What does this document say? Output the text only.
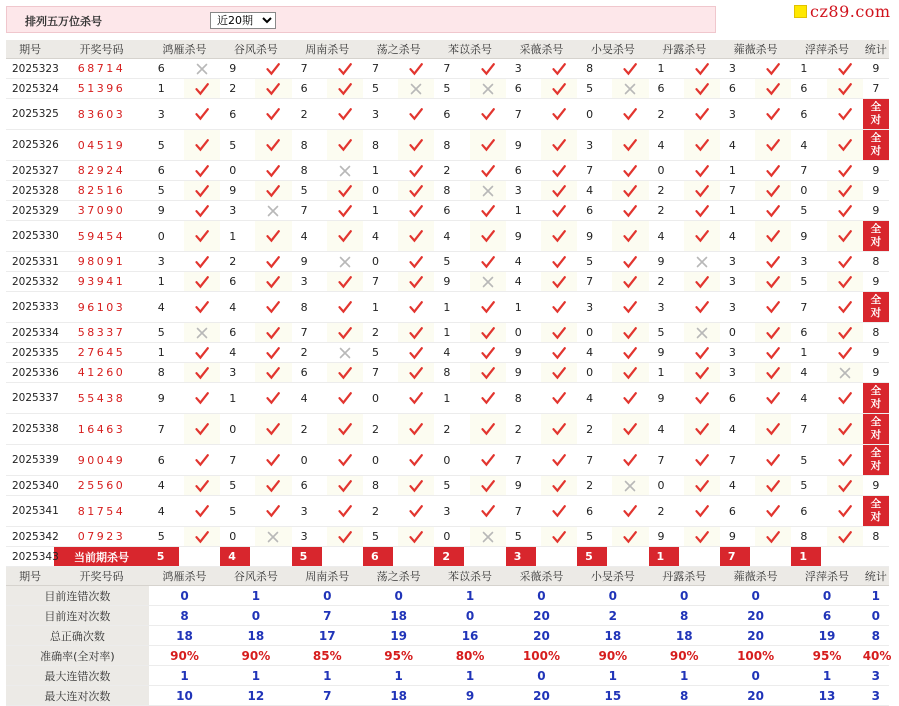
排列五万位杀号
近20期
cz89.com
期号	开奖号码	鸿雁杀号		谷风杀号		周南杀号		荡之杀号		苯苡杀号		采薇杀号		小旻杀号		丹露杀号		蕹薇杀号		浮萍杀号		统计
2025323	68714	6		9		7		7		7		3		8		1		3		1		9
2025324	51396	1		2		6		5		5		6		5		6		6		6		7
2025325	83603	3		6		2		3		6		7		0		2		3		6		全对
2025326	04519	5		5		8		8		8		9		3		4		4		4		全对
2025327	82924	6		0		8		1		2		6		7		0		1		7		9
2025328	82516	5		9		5		0		8		3		4		2		7		0		9
2025329	37090	9		3		7		1		6		1		6		2		1		5		9
2025330	59454	0		1		4		4		4		9		9		4		4		9		全对
2025331	98091	3		2		9		0		5		4		5		9		3		3		8
2025332	93941	1		6		3		7		9		4		7		2		3		5		9
2025333	96103	4		4		8		1		1		1		3		3		3		7		全对
2025334	58337	5		6		7		2		1		0		0		5		0		6		8
2025335	27645	1		4		2		5		4		9		4		9		3		1		9
2025336	41260	8		3		6		7		8		9		0		1		3		4		9
2025337	55438	9		1		4		0		1		8		4		9		6		4		全对
2025338	16463	7		0		2		2		2		2		2		4		4		7		全对
2025339	90049	6		7		0		0		0		7		7		7		7		5		全对
2025340	25560	4		5		6		8		5		9		2		0		4		5		9
2025341	81754	4		5		3		2		3		7		6		2		6		6		全对
2025342	07923	5		0		3		5		0		5		5		9		9		8		8
2025343	当前期杀号	5		4		5		6		2		3		5		1		7		1		
期号	开奖号码	鸿雁杀号		谷风杀号		周南杀号		荡之杀号		苯苡杀号		采薇杀号		小旻杀号		丹露杀号		蕹薇杀号		浮萍杀号		统计
目前连错次数		0		1		0		0		1		0		0		0		0		0		1
目前连对次数		8		0		7		18		0		20		2		8		20		6		0
总正确次数		18		18		17		19		16		20		18		18		20		19		8
准确率(全对率)		90%		90%		85%		95%		80%		100%		90%		90%		100%		95%		40%
最大连错次数		1		1		1		1		1		0		1		1		0		1		3
最大连对次数		10		12		7		18		9		20		15		8		20		13		3
